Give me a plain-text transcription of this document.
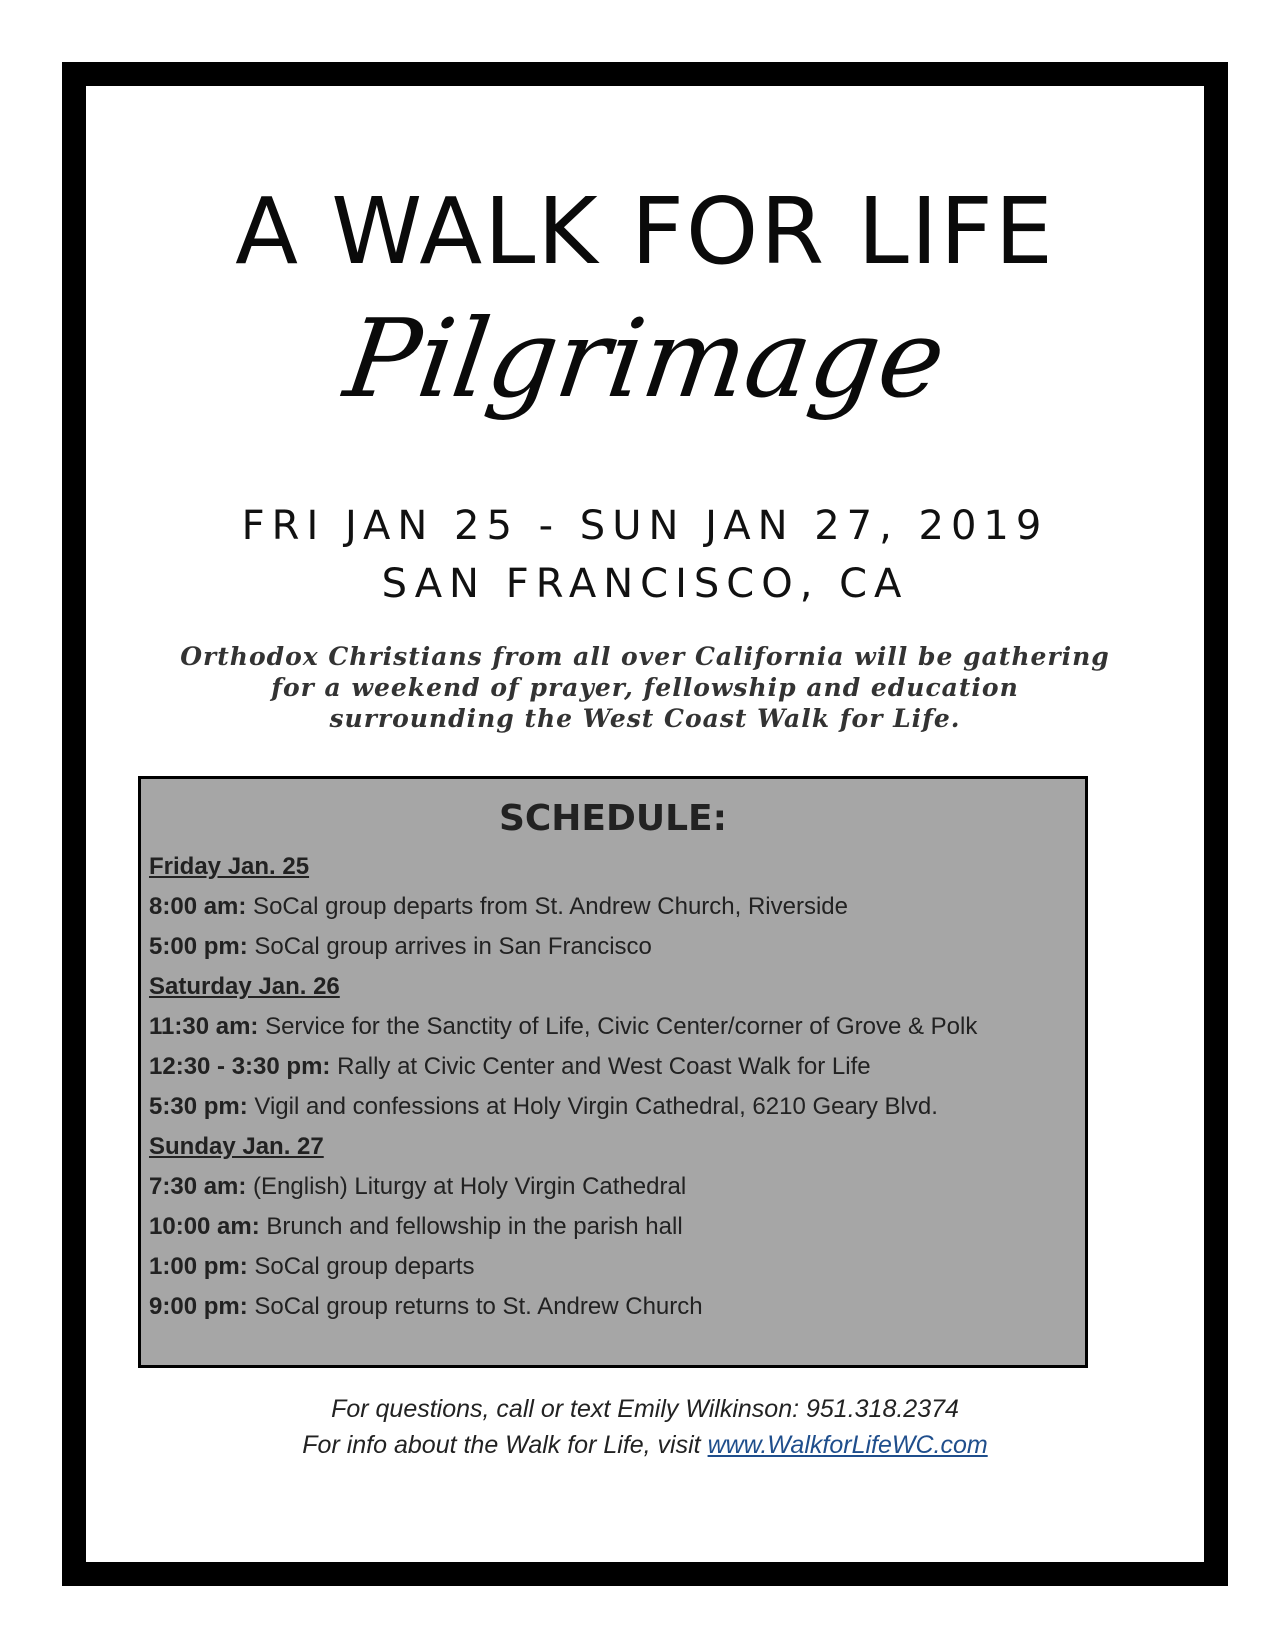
A WALK FOR LIFE
Pilgrimage
FRI JAN 25 - SUN JAN 27, 2019
SAN FRANCISCO, CA
Orthodox Christians from all over California will be gathering
for a weekend of prayer, fellowship and education
surrounding the West Coast Walk for Life.
SCHEDULE:
Friday Jan. 25
8:00 am: SoCal group departs from St. Andrew Church, Riverside
5:00 pm: SoCal group arrives in San Francisco
Saturday Jan. 26
11:30 am: Service for the Sanctity of Life, Civic Center/corner of Grove & Polk
12:30 - 3:30 pm: Rally at Civic Center and West Coast Walk for Life
5:30 pm: Vigil and confessions at Holy Virgin Cathedral, 6210 Geary Blvd.
Sunday Jan. 27
7:30 am: (English) Liturgy at Holy Virgin Cathedral
10:00 am: Brunch and fellowship in the parish hall
1:00 pm: SoCal group departs
9:00 pm: SoCal group returns to St. Andrew Church
For questions, call or text Emily Wilkinson: 951.318.2374
For info about the Walk for Life, visit www.WalkforLifeWC.com
